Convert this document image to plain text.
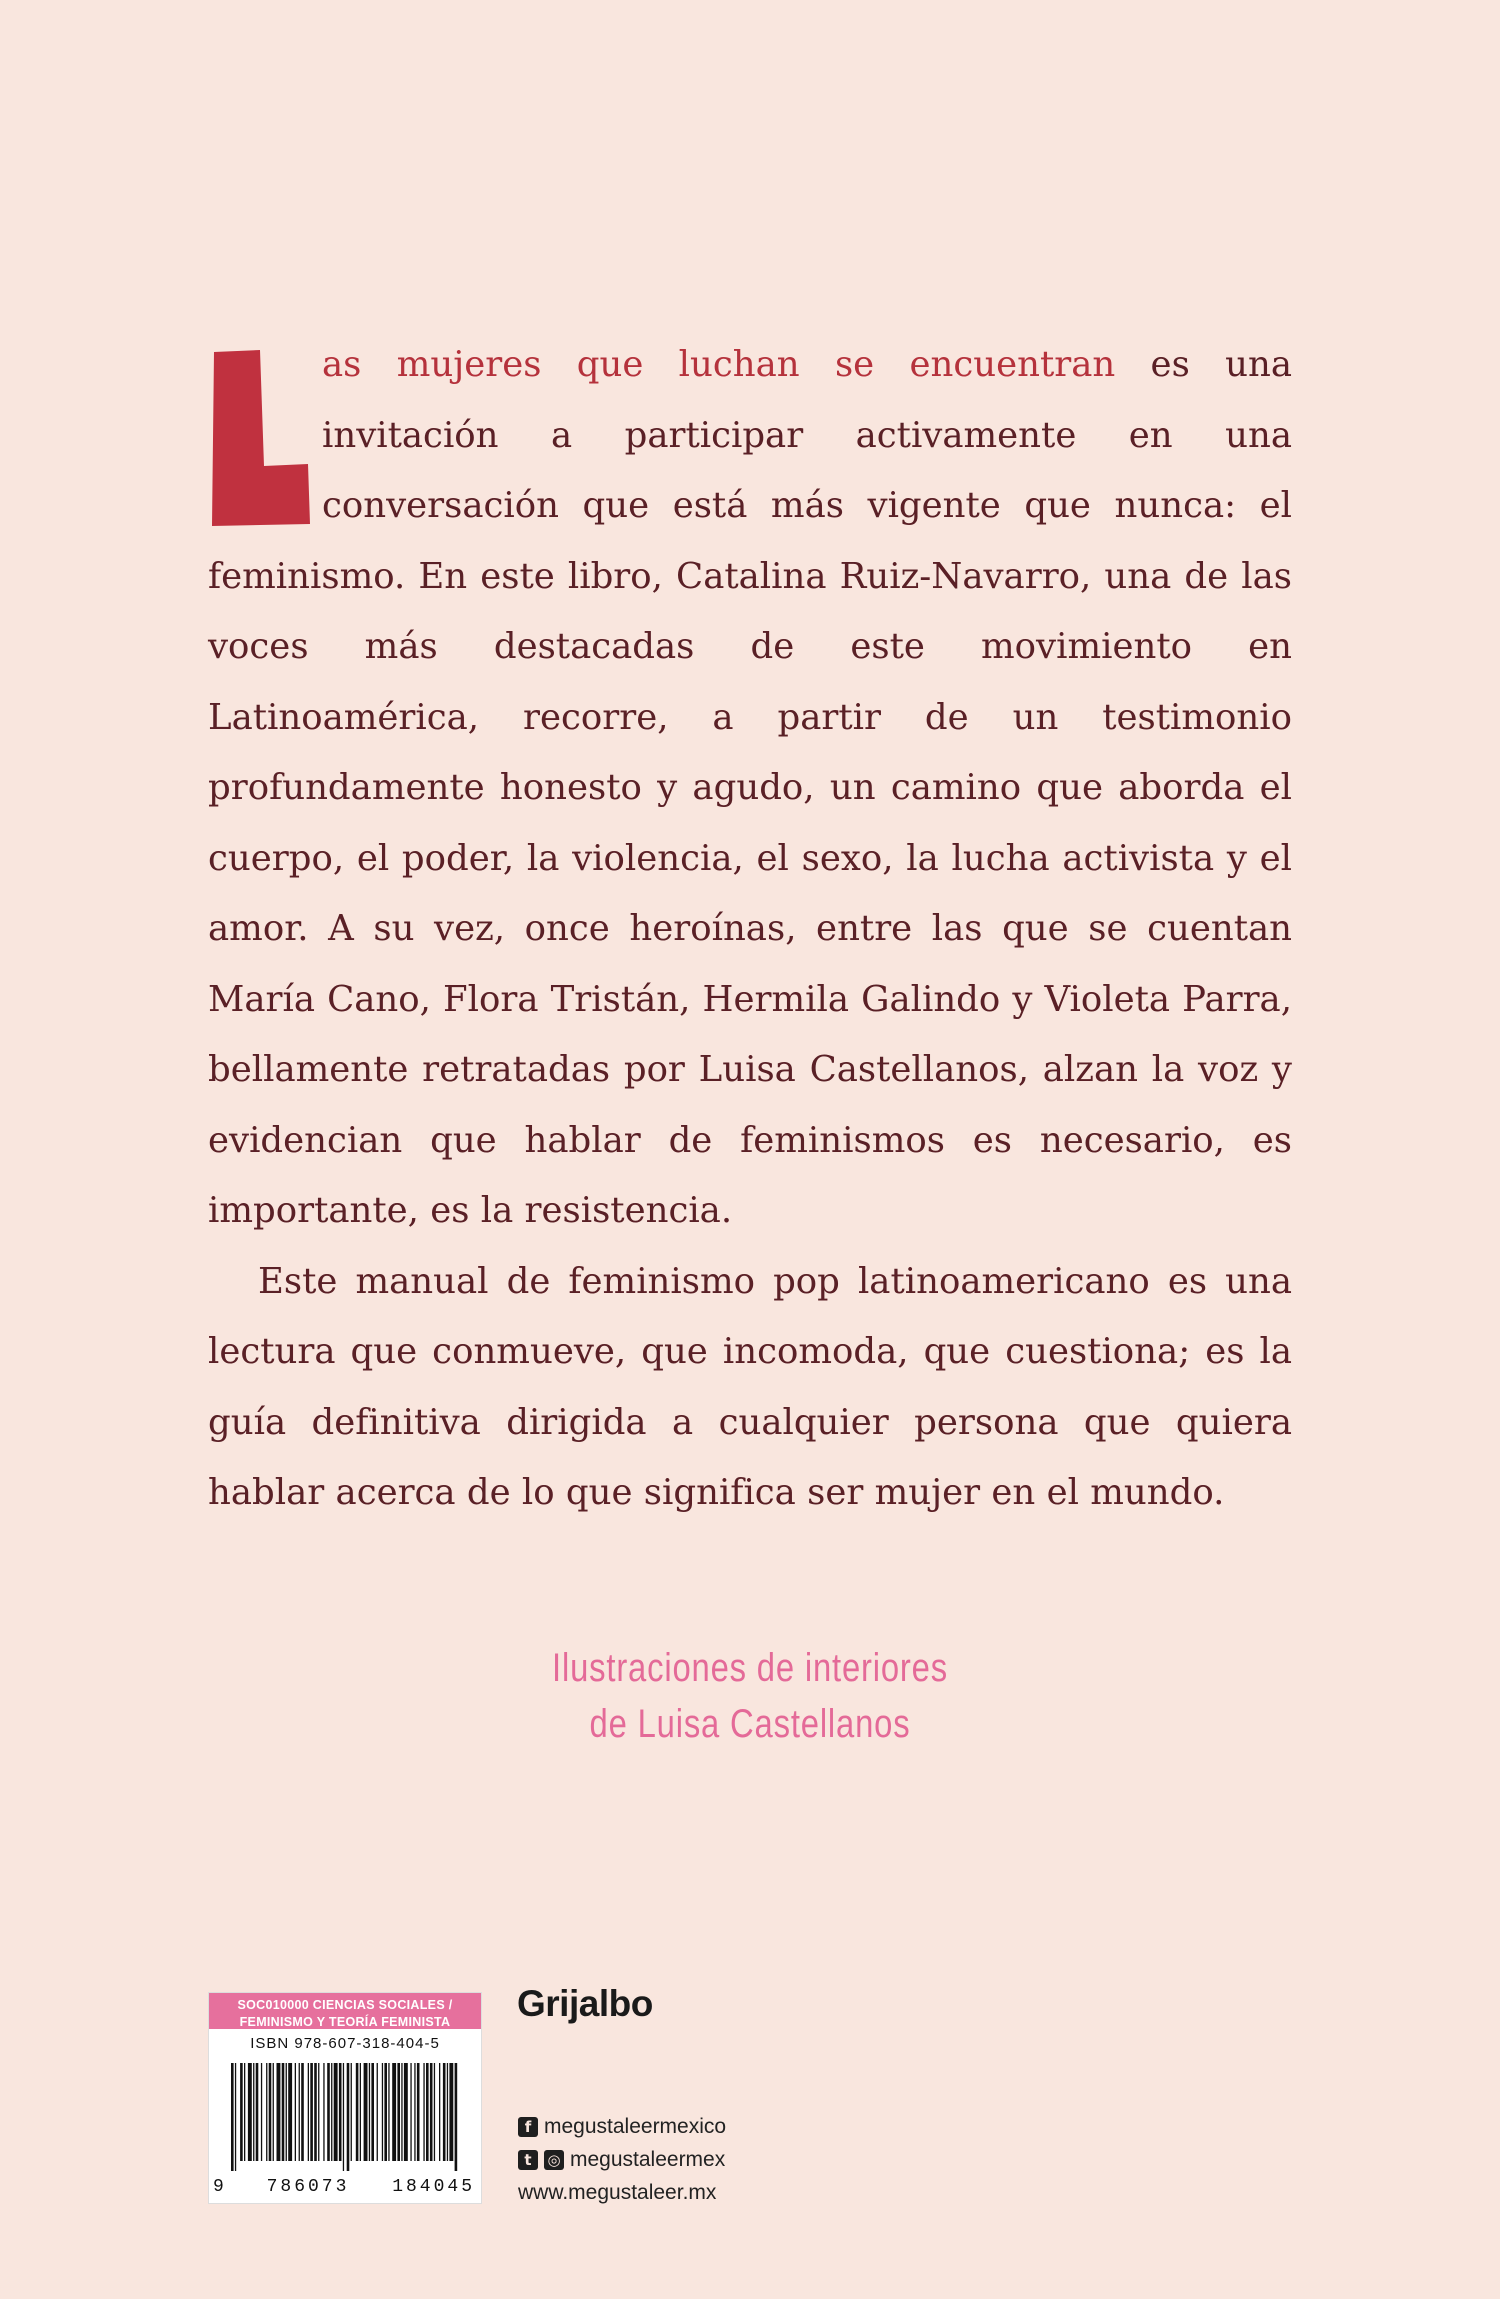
as mujeres que luchan se encuentran es una invitación a participar activamente en una conversación que está más vigente que nunca: el feminismo. En este libro, Catalina Ruiz-Navarro, una de las voces más destacadas de este movimiento en Latinoamérica, recorre, a partir de un testimonio profundamente honesto y agudo, un camino que aborda el cuerpo, el poder, la violencia, el sexo, la lucha activista y el amor. A su vez, once heroínas, entre las que se cuentan María Cano, Flora Tristán, Hermila Galindo y Violeta Parra, bellamente retratadas por Luisa Castellanos, alzan la voz y evidencian que hablar de feminismos es necesario, es importante, es la resistencia.

Este manual de feminismo pop latinoamericano es una lectura que conmueve, que incomoda, que cuestiona; es la guía definitiva dirigida a cualquier persona que quiera hablar acerca de lo que significa ser mujer en el mundo.

Ilustraciones de interiores
de Luisa Castellanos
SOC010000 CIENCIAS SOCIALES /
FEMINISMO Y TEORÍA FEMINISTA
ISBN 978-607-318-404-5
9 786073 184045
Grijalbo
f megustaleermexico
t	◎ megustaleermex
www.megustaleer.mx
